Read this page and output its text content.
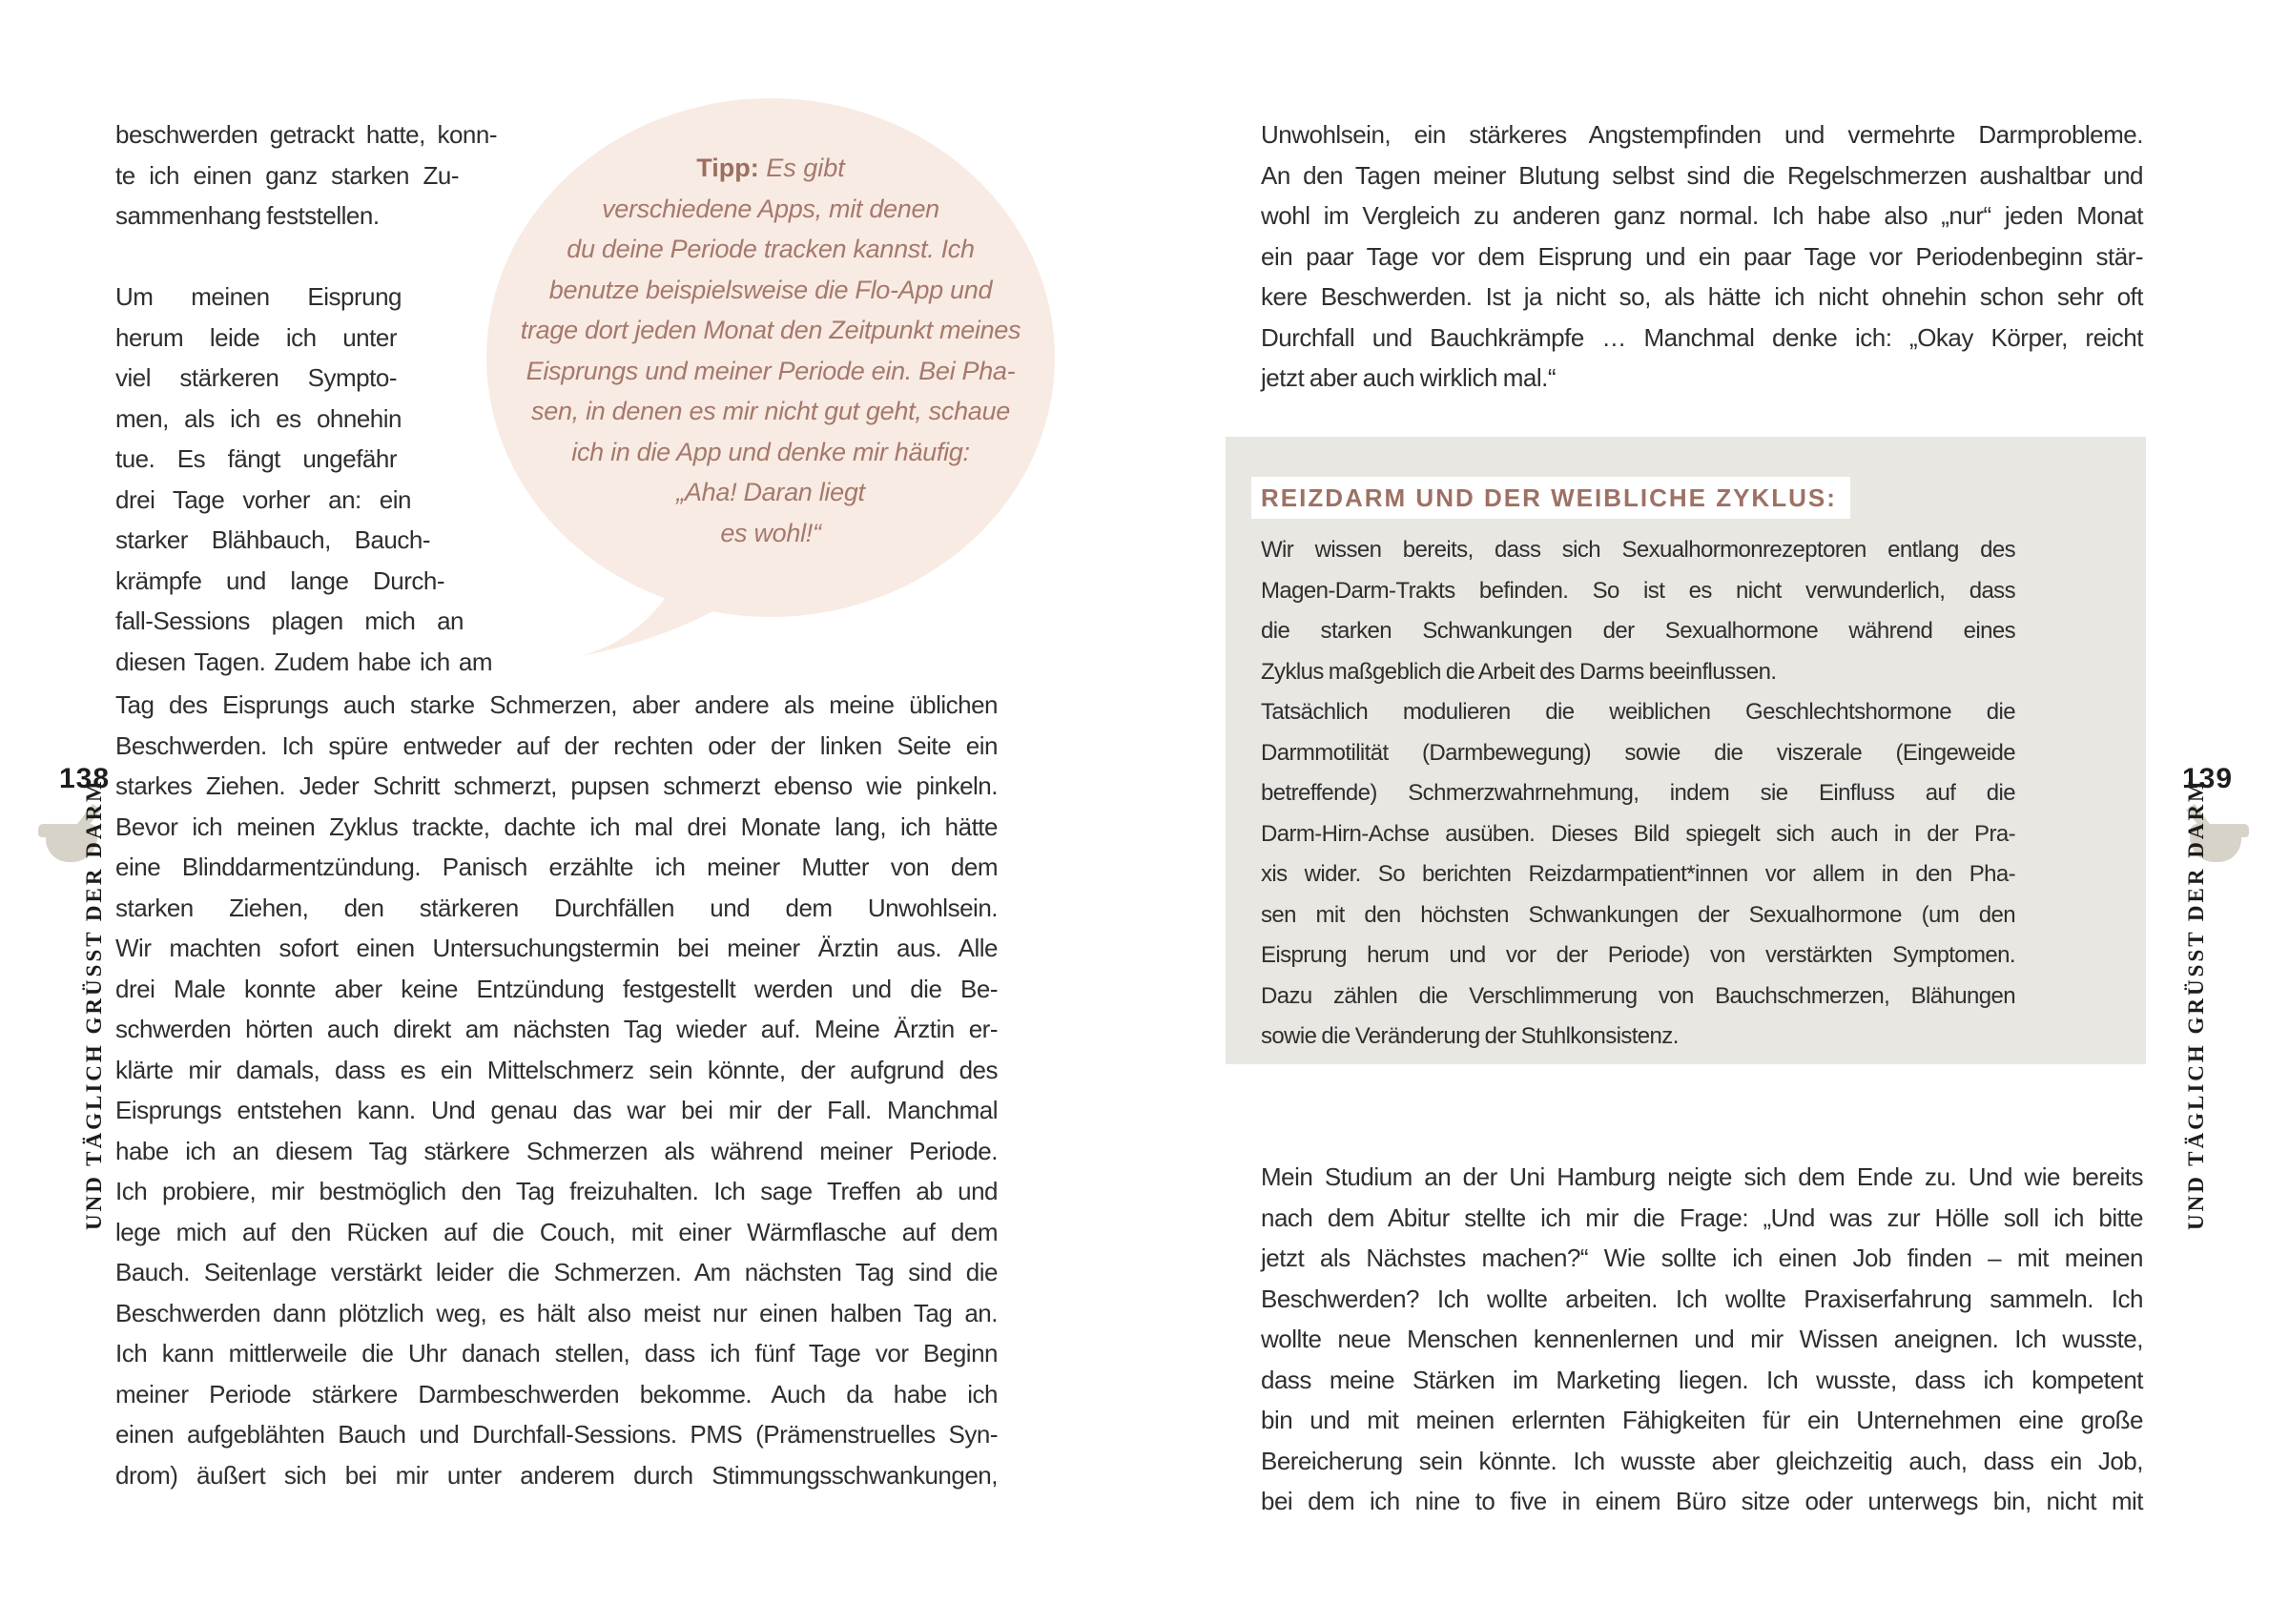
beschwerden getrackt hatte, konn-
te ich einen ganz starken Zu-
sammenhang feststellen.
Um meinen Eisprung
herum leide ich unter
viel stärkeren Sympto-
men, als ich es ohnehin
tue. Es fängt ungefähr
drei Tage vorher an: ein
starker Blähbauch, Bauch-
krämpfe und lange Durch-
fall-Sessions plagen mich an
diesen Tagen. Zudem habe ich am
Tipp: Es gibt
verschiedene Apps, mit denen
du deine Periode tracken kannst. Ich
benutze beispielsweise die Flo-App und
trage dort jeden Monat den Zeitpunkt meines
Eisprungs und meiner Periode ein. Bei Pha-
sen, in denen es mir nicht gut geht, schaue
ich in die App und denke mir häufig:
„Aha! Daran liegt
es wohl!“
Tag des Eisprungs auch starke Schmerzen, aber andere als meine üblichen
Beschwerden. Ich spüre entweder auf der rechten oder der linken Seite ein
starkes Ziehen. Jeder Schritt schmerzt, pupsen schmerzt ebenso wie pinkeln.
Bevor ich meinen Zyklus trackte, dachte ich mal drei Monate lang, ich hätte
eine Blinddarmentzündung. Panisch erzählte ich meiner Mutter von dem
starken Ziehen, den stärkeren Durchfällen und dem Unwohlsein.
Wir machten sofort einen Untersuchungstermin bei meiner Ärztin aus. Alle
drei Male konnte aber keine Entzündung festgestellt werden und die Be-
schwerden hörten auch direkt am nächsten Tag wieder auf. Meine Ärztin er-
klärte mir damals, dass es ein Mittelschmerz sein könnte, der aufgrund des
Eisprungs entstehen kann. Und genau das war bei mir der Fall. Manchmal
habe ich an diesem Tag stärkere Schmerzen als während meiner Periode.
Ich probiere, mir bestmöglich den Tag freizuhalten. Ich sage Treffen ab und
lege mich auf den Rücken auf die Couch, mit einer Wärmflasche auf dem
Bauch. Seitenlage verstärkt leider die Schmerzen. Am nächsten Tag sind die
Beschwerden dann plötzlich weg, es hält also meist nur einen halben Tag an.
Ich kann mittlerweile die Uhr danach stellen, dass ich fünf Tage vor Beginn
meiner Periode stärkere Darmbeschwerden bekomme. Auch da habe ich
einen aufgeblähten Bauch und Durchfall-Sessions. PMS (Prämenstruelles Syn-
drom) äußert sich bei mir unter anderem durch Stimmungsschwankungen,
Unwohlsein, ein stärkeres Angstempfinden und vermehrte Darmprobleme.
An den Tagen meiner Blutung selbst sind die Regelschmerzen aushaltbar und
wohl im Vergleich zu anderen ganz normal. Ich habe also „nur“ jeden Monat
ein paar Tage vor dem Eisprung und ein paar Tage vor Periodenbeginn stär-
kere Beschwerden. Ist ja nicht so, als hätte ich nicht ohnehin schon sehr oft
Durchfall und Bauchkrämpfe … Manchmal denke ich: „Okay Körper, reicht
jetzt aber auch wirklich mal.“
REIZDARM UND DER WEIBLICHE ZYKLUS:
Wir wissen bereits, dass sich Sexualhormonrezeptoren entlang des
Magen-Darm-Trakts befinden. So ist es nicht verwunderlich, dass
die starken Schwankungen der Sexualhormone während eines
Zyklus maßgeblich die Arbeit des Darms beeinflussen.
Tatsächlich modulieren die weiblichen Geschlechtshormone die
Darmmotilität (Darmbewegung) sowie die viszerale (Eingeweide
betreffende) Schmerzwahrnehmung, indem sie Einfluss auf die
Darm-Hirn-Achse ausüben. Dieses Bild spiegelt sich auch in der Pra-
xis wider. So berichten Reizdarmpatient*innen vor allem in den Pha-
sen mit den höchsten Schwankungen der Sexualhormone (um den
Eisprung herum und vor der Periode) von verstärkten Symptomen.
Dazu zählen die Verschlimmerung von Bauchschmerzen, Blähungen
sowie die Veränderung der Stuhlkonsistenz.
Mein Studium an der Uni Hamburg neigte sich dem Ende zu. Und wie bereits
nach dem Abitur stellte ich mir die Frage: „Und was zur Hölle soll ich bitte
jetzt als Nächstes machen?“ Wie sollte ich einen Job finden – mit meinen
Beschwerden? Ich wollte arbeiten. Ich wollte Praxiserfahrung sammeln. Ich
wollte neue Menschen kennenlernen und mir Wissen aneignen. Ich wusste,
dass meine Stärken im Marketing liegen. Ich wusste, dass ich kompetent
bin und mit meinen erlernten Fähigkeiten für ein Unternehmen eine große
Bereicherung sein könnte. Ich wusste aber gleichzeitig auch, dass ein Job,
bei dem ich nine to five in einem Büro sitze oder unterwegs bin, nicht mit
138	139
UND TÄGLICH GRÜSST DER DARM	UND TÄGLICH GRÜSST DER DARM
